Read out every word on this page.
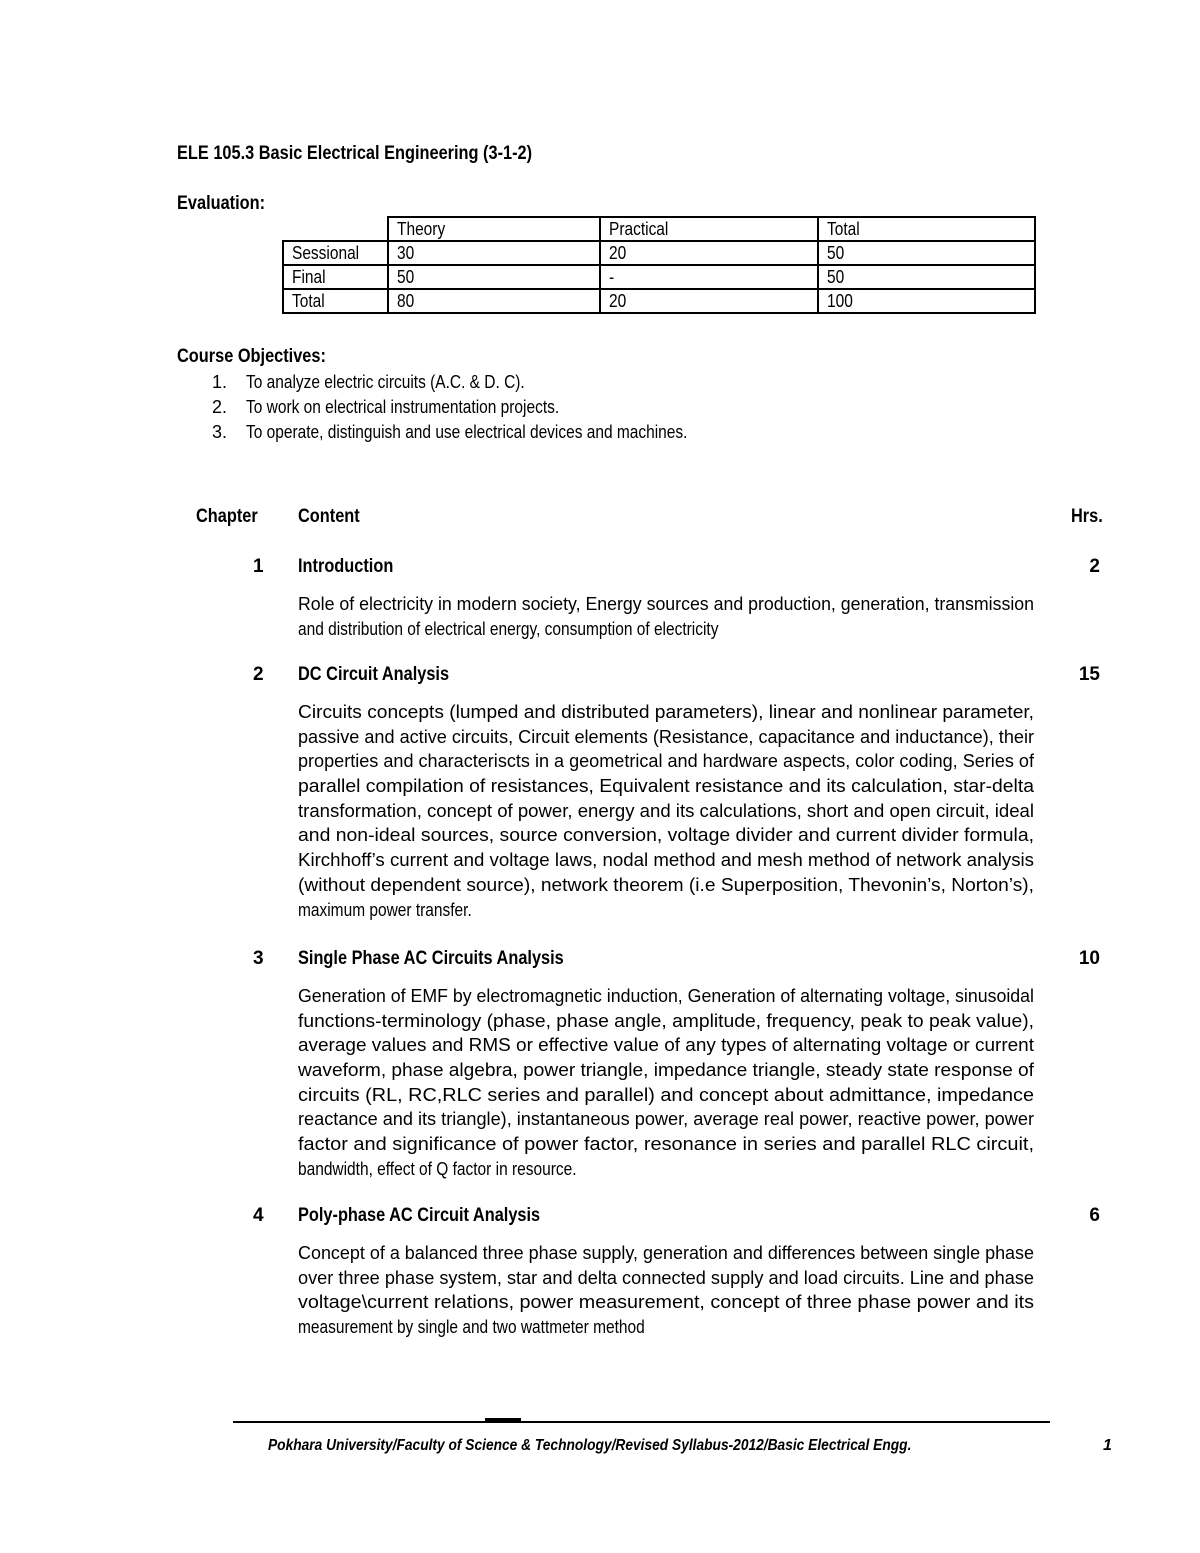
ELE 105.3 Basic Electrical Engineering (3-1-2)
Evaluation:
	Theory	Practical	Total
Sessional	30	20	50
Final	50	-	50
Total	80	20	100
Course Objectives:
1. To analyze electric circuits (A.C. & D. C).
2. To work on electrical instrumentation projects.
3. To operate, distinguish and use electrical devices and machines.
Chapter	Content	Hrs.
1 Introduction	2
Role of electricity in modern society, Energy sources and production, generation, transmission
and distribution of electrical energy, consumption of electricity
2 DC Circuit Analysis	15
Circuits concepts (lumped and distributed parameters), linear and nonlinear parameter,
passive and active circuits, Circuit elements (Resistance, capacitance and inductance), their
properties and characteriscts in a geometrical and hardware aspects, color coding, Series of
parallel compilation of resistances, Equivalent resistance and its calculation, star-delta
transformation, concept of power, energy and its calculations, short and open circuit, ideal
and non-ideal sources, source conversion, voltage divider and current divider formula,
Kirchhoff’s current and voltage laws, nodal method and mesh method of network analysis
(without dependent source), network theorem (i.e Superposition, Thevonin’s, Norton’s),
maximum power transfer.
3 Single Phase AC Circuits Analysis	10
Generation of EMF by electromagnetic induction, Generation of alternating voltage, sinusoidal
functions-terminology (phase, phase angle, amplitude, frequency, peak to peak value),
average values and RMS or effective value of any types of alternating voltage or current
waveform, phase algebra, power triangle, impedance triangle, steady state response of
circuits (RL, RC,RLC series and parallel) and concept about admittance, impedance
reactance and its triangle), instantaneous power, average real power, reactive power, power
factor and significance of power factor, resonance in series and parallel RLC circuit,
bandwidth, effect of Q factor in resource.
4 Poly-phase AC Circuit Analysis	6
Concept of a balanced three phase supply, generation and differences between single phase
over three phase system, star and delta connected supply and load circuits. Line and phase
voltage\current relations, power measurement, concept of three phase power and its
measurement by single and two wattmeter method
Pokhara University/Faculty of Science & Technology/Revised Syllabus-2012/Basic Electrical Engg.	1
